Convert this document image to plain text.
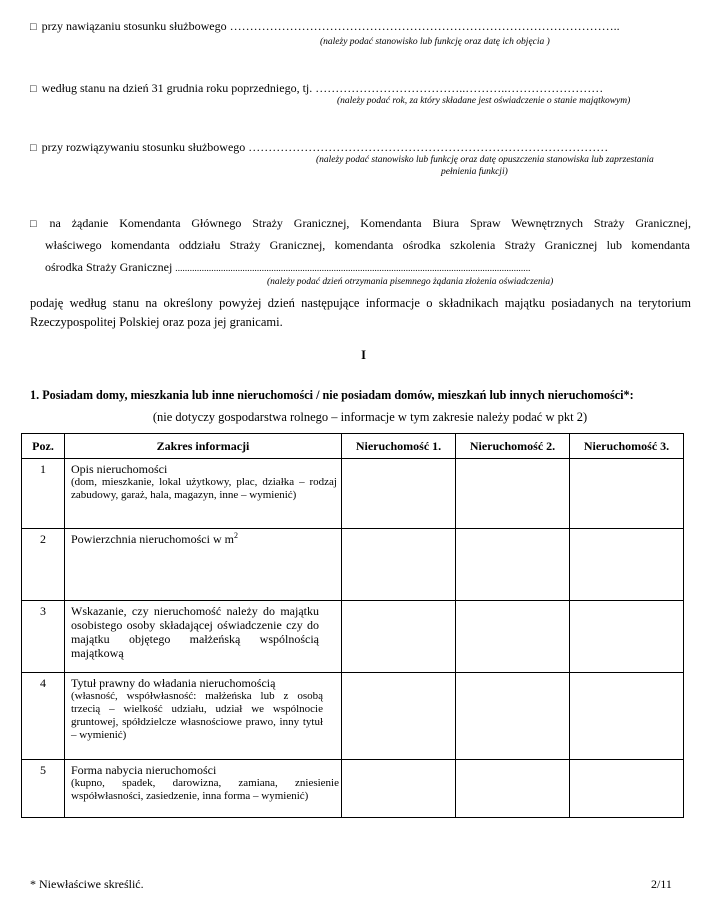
□ przy nawiązaniu stosunku służbowego ……………………………………………………………………………………..
(należy podać stanowisko lub funkcję oraz datę ich objęcia )
□ według stanu na dzień 31 grudnia roku poprzedniego, tj. ………………………………..………..……………………
(należy podać rok, za który składane jest oświadczenie o stanie majątkowym)
□ przy rozwiązywaniu stosunku służbowego ………………………………………………………………………………
(należy podać stanowisko lub funkcję oraz datę opuszczenia stanowiska lub zaprzestania
pełnienia funkcji)
□ na żądanie Komendanta Głównego Straży Granicznej, Komendanta Biura Spraw Wewnętrznych Straży Granicznej,
właściwego komendanta oddziału Straży Granicznej, komendanta ośrodka szkolenia Straży Granicznej lub komendanta
ośrodka Straży Granicznej ....................................................................................................................................................
(należy podać dzień otrzymania pisemnego żądania złożenia oświadczenia)
podaję według stanu na określony powyżej dzień następujące informacje o składnikach majątku posiadanych na terytorium Rzeczypospolitej Polskiej oraz poza jej granicami.
I
1. Posiadam domy, mieszkania lub inne nieruchomości / nie posiadam domów, mieszkań lub innych nieruchomości*:
(nie dotyczy gospodarstwa rolnego – informacje w tym zakresie należy podać w pkt 2)
Poz.	Zakres informacji	Nieruchomość 1.	Nieruchomość 2.	Nieruchomość 3.
1	Opis nieruchomości
(dom, mieszkanie, lokal użytkowy, plac, działka – rodzaj zabudowy, garaż, hala, magazyn, inne – wymienić)			

2	Powierzchnia nieruchomości w $m^2$

3	Wskazanie, czy nieruchomość należy do majątku osobistego osoby składającej oświadczenie czy do majątku objętego małżeńską wspólnością majątkową			

4	Tytuł prawny do władania nieruchomością
(własność, współwłasność: małżeńska lub z osobą trzecią – wielkość udziału, udział we wspólnocie gruntowej, spółdzielcze własnościowe prawo, inny tytuł – wymienić)			

5	Forma nabycia nieruchomości
(kupno, spadek, darowizna, zamiana, zniesienie współwłasności, zasiedzenie, inna forma – wymienić)			

* Niewłaściwe skreślić.	2/11
